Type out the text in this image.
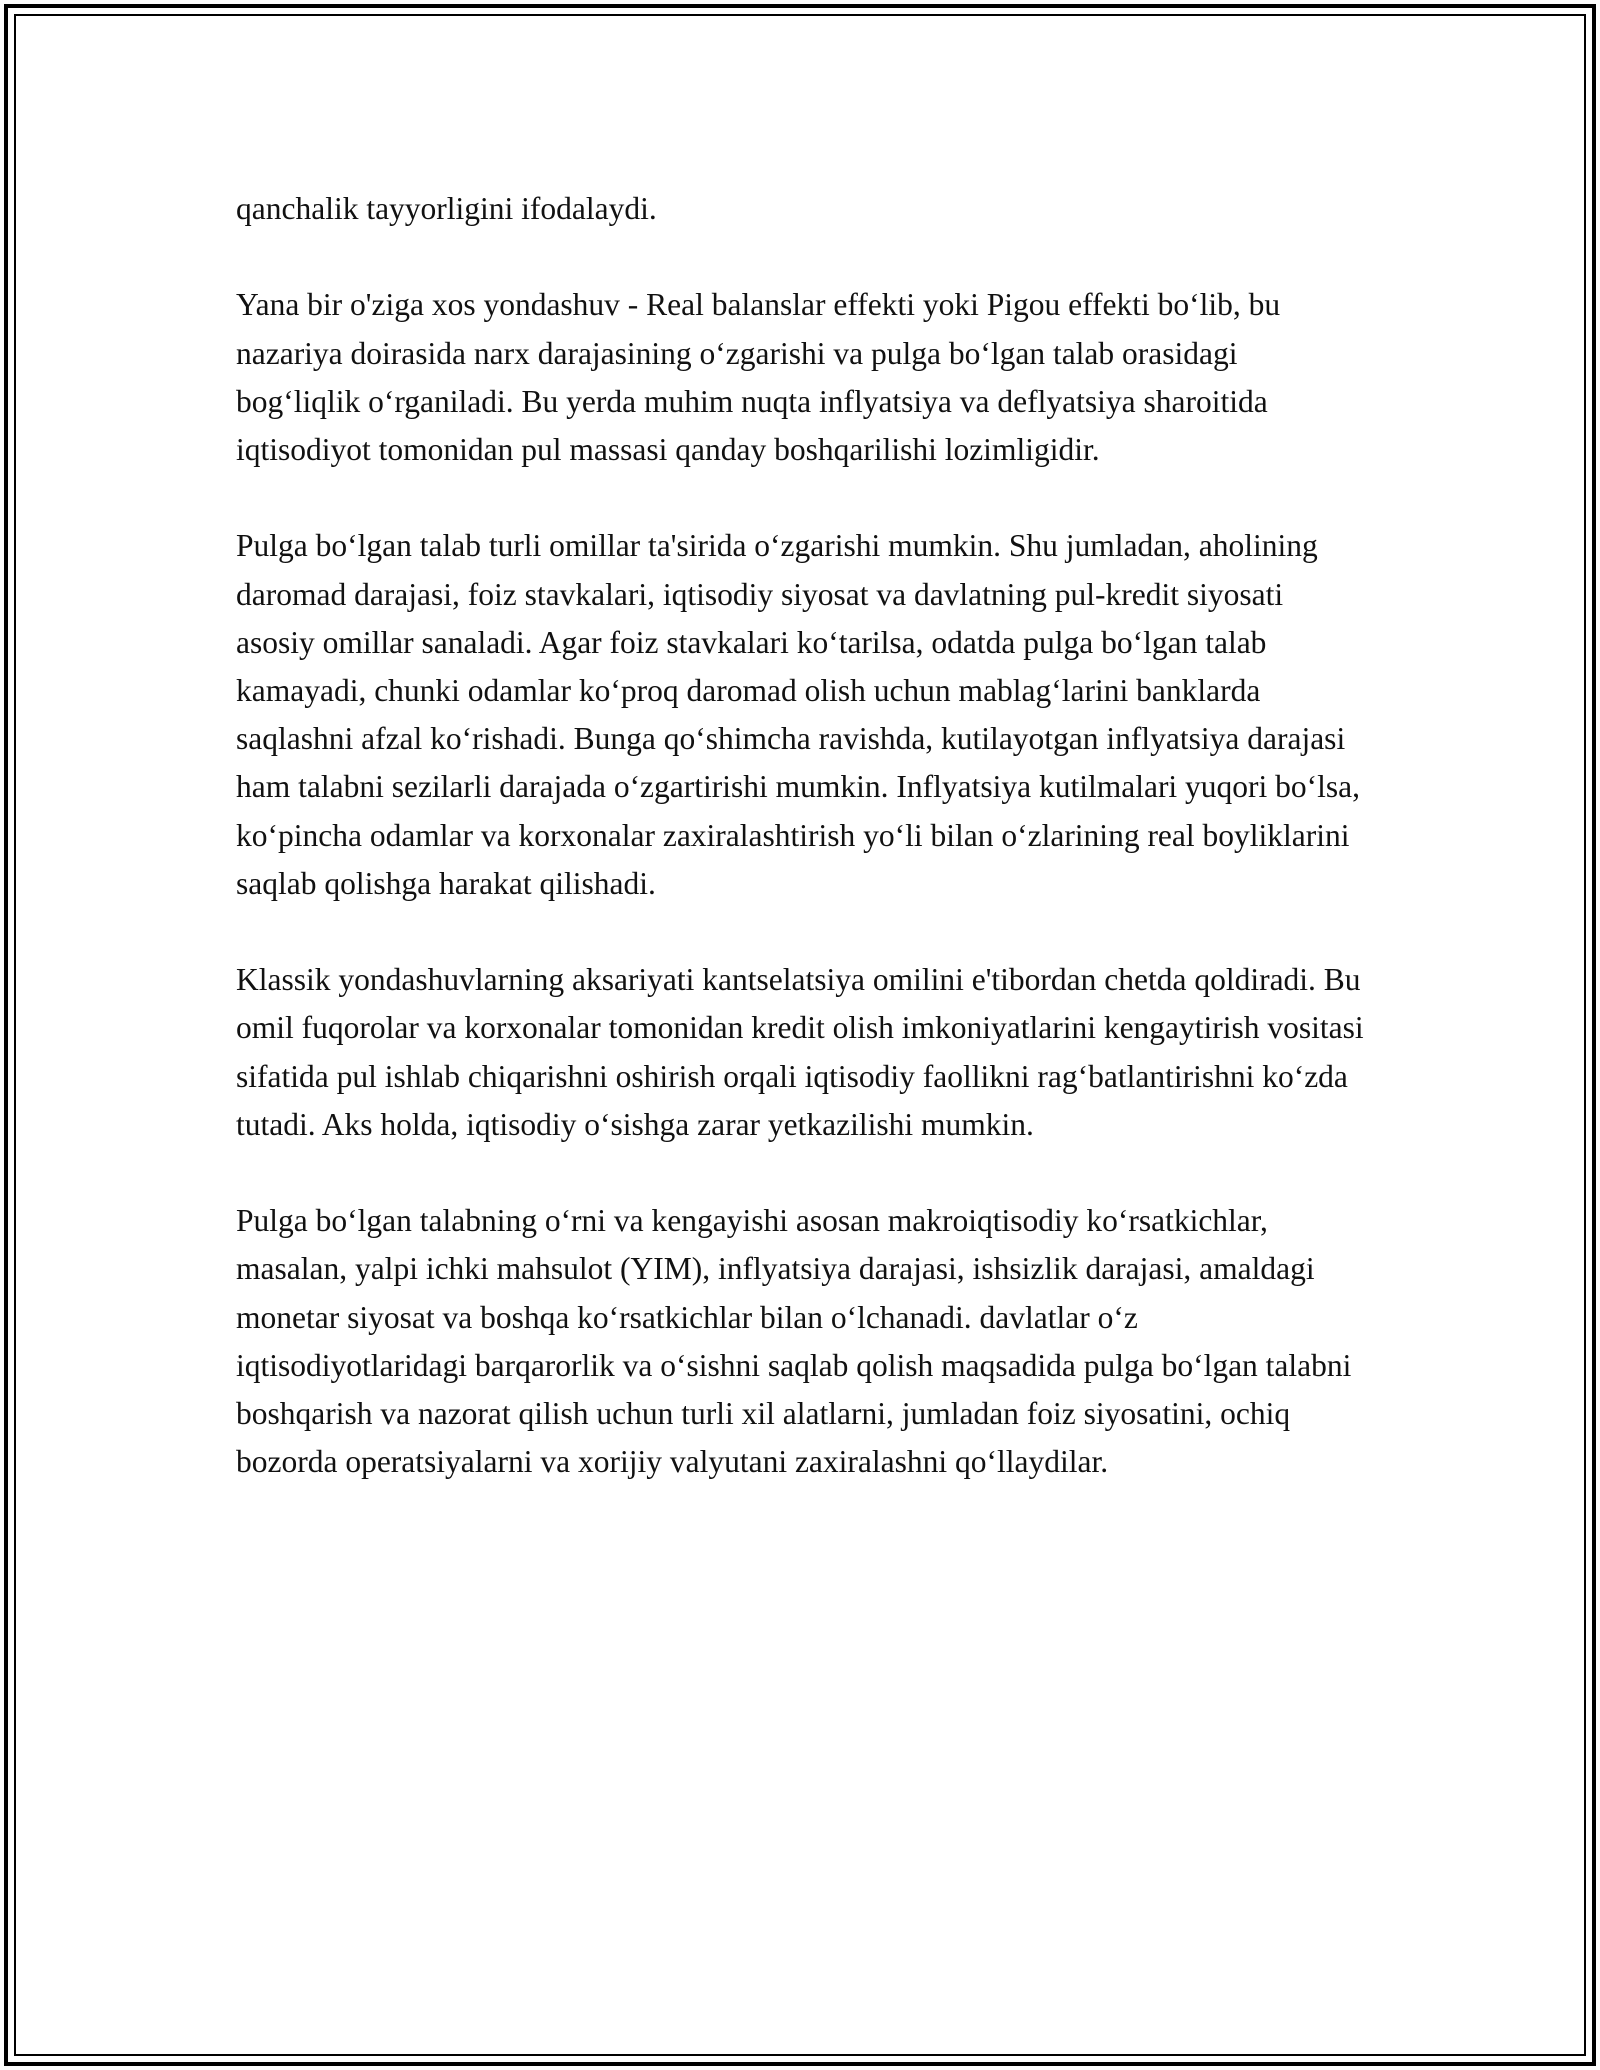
qanchalik tayyorligini ifodalaydi.

Yana bir o'ziga xos yondashuv - Real balanslar effekti yoki Pigou effekti bo‘lib, bu nazariya doirasida narx darajasining o‘zgarishi va pulga bo‘lgan talab orasidagi bog‘liqlik o‘rganiladi. Bu yerda muhim nuqta inflyatsiya va deflyatsiya sharoitida iqtisodiyot tomonidan pul massasi qanday boshqarilishi lozimligidir.

Pulga bo‘lgan talab turli omillar ta'sirida o‘zgarishi mumkin. Shu jumladan, aholining daromad darajasi, foiz stavkalari, iqtisodiy siyosat va davlatning pul-kredit siyosati asosiy omillar sanaladi. Agar foiz stavkalari ko‘tarilsa, odatda pulga bo‘lgan talab kamayadi, chunki odamlar ko‘proq daromad olish uchun mablag‘larini banklarda saqlashni afzal ko‘rishadi. Bunga qo‘shimcha ravishda, kutilayotgan inflyatsiya darajasi ham talabni sezilarli darajada o‘zgartirishi mumkin. Inflyatsiya kutilmalari yuqori bo‘lsa, ko‘pincha odamlar va korxonalar zaxiralashtirish yo‘li bilan o‘zlarining real boyliklarini saqlab qolishga harakat qilishadi.

Klassik yondashuvlarning aksariyati kantselatsiya omilini e'tibordan chetda qoldiradi. Bu omil fuqorolar va korxonalar tomonidan kredit olish imkoniyatlarini kengaytirish vositasi sifatida pul ishlab chiqarishni oshirish orqali iqtisodiy faollikni rag‘batlantirishni ko‘zda tutadi. Aks holda, iqtisodiy o‘sishga zarar yetkazilishi mumkin.

Pulga bo‘lgan talabning o‘rni va kengayishi asosan makroiqtisodiy ko‘rsatkichlar, masalan, yalpi ichki mahsulot (YIM), inflyatsiya darajasi, ishsizlik darajasi, amaldagi monetar siyosat va boshqa ko‘rsatkichlar bilan o‘lchanadi. davlatlar o‘z iqtisodiyotlaridagi barqarorlik va o‘sishni saqlab qolish maqsadida pulga bo‘lgan talabni boshqarish va nazorat qilish uchun turli xil alatlarni, jumladan foiz siyosatini, ochiq bozorda operatsiyalarni va xorijiy valyutani zaxiralashni qo‘llaydilar.
